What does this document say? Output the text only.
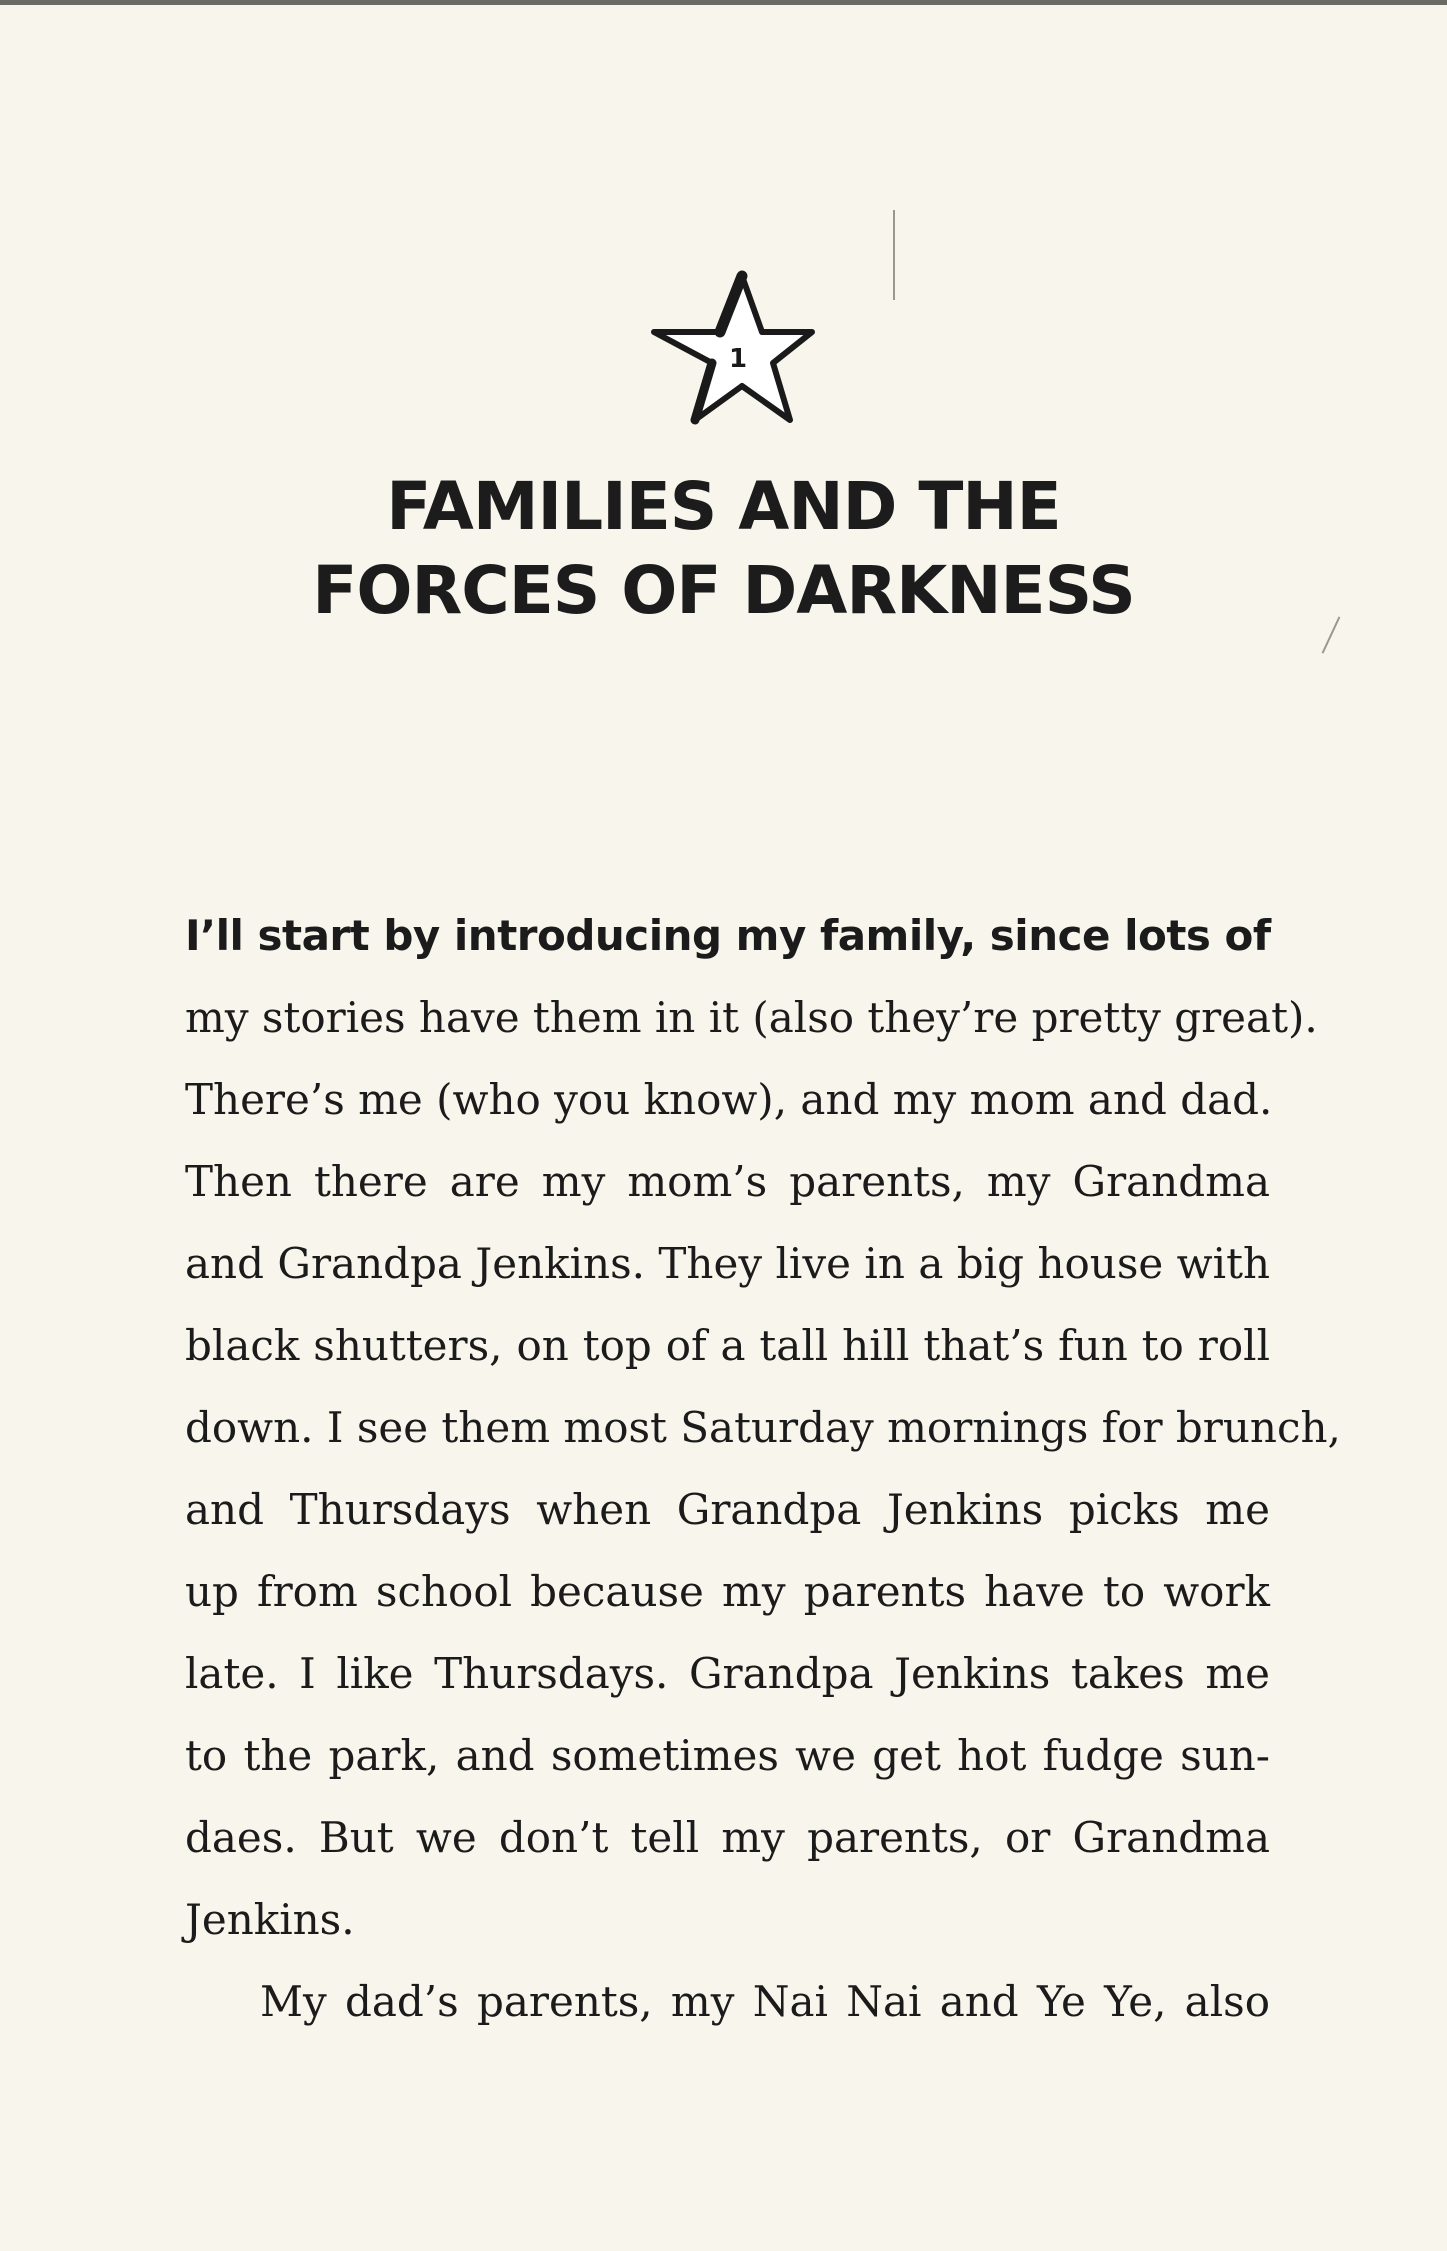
1
FAMILIES AND THE
FORCES OF DARKNESS
I’ll start by introducing my family, since lots of
my stories have them in it (also they’re pretty great).
There’s me (who you know), and my mom and dad.
Then there are my mom’s parents, my Grandma
and Grandpa Jenkins. They live in a big house with
black shutters, on top of a tall hill that’s fun to roll
down. I see them most Saturday mornings for brunch,
and Thursdays when Grandpa Jenkins picks me
up from school because my parents have to work
late. I like Thursdays. Grandpa Jenkins takes me
to the park, and sometimes we get hot fudge sun-
daes. But we don’t tell my parents, or Grandma
Jenkins.
My dad’s parents, my Nai Nai and Ye Ye, also
